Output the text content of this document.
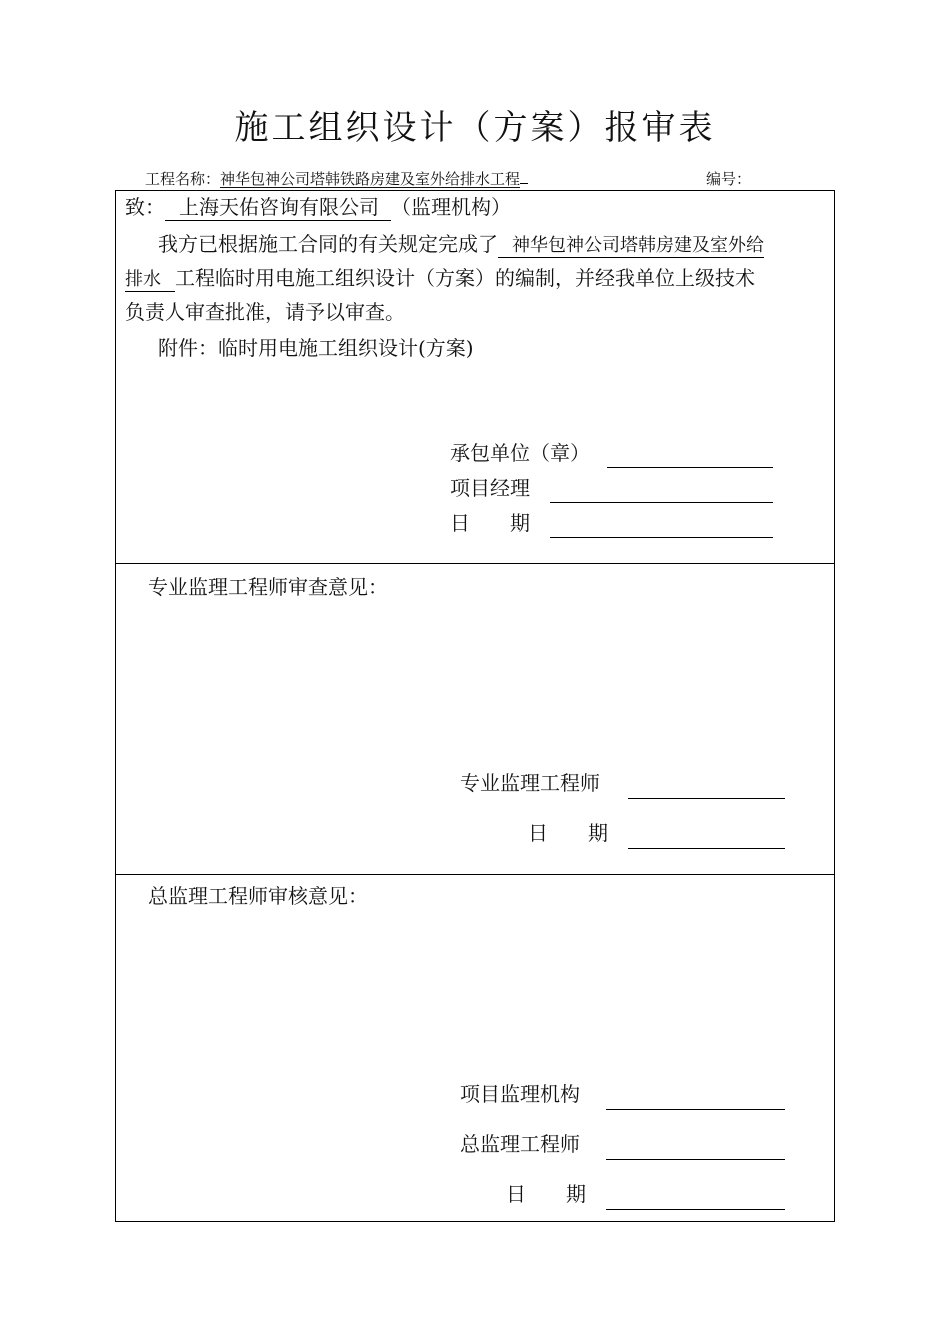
施工组织设计（方案）报审表
工程名称：神华包神公司塔韩铁路房建及室外给排水工程	编号：
致： 上海天佑咨询有限公司 （监理机构）
我方已根据施工合同的有关规定完成了 神华包神公司塔韩房建及室外给
排水 工程临时用电施工组织设计（方案）的编制，并经我单位上级技术
负责人审查批准，请予以审查。
附件：临时用电施工组织设计(方案)
承包单位（章）
项目经理
日　　期
专业监理工程师审查意见：
专业监理工程师
日　　期
总监理工程师审核意见：
项目监理机构
总监理工程师
日　　期
